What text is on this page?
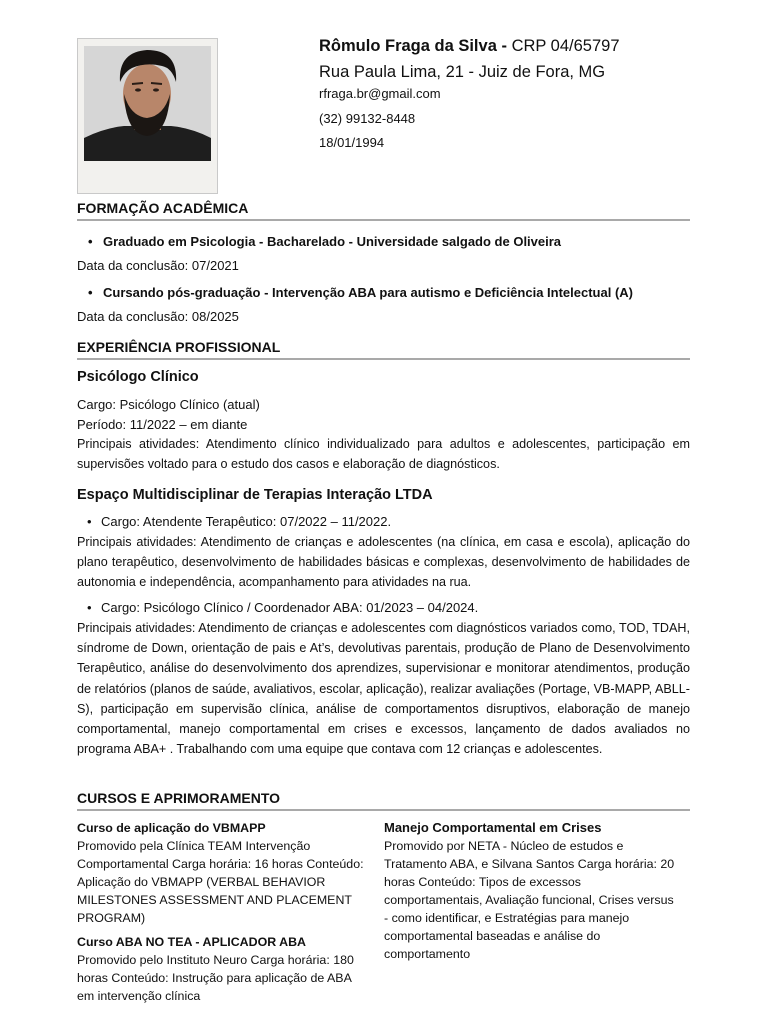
Rômulo Fraga da Silva - CRP 04/65797
Rua Paula Lima, 21 - Juiz de Fora, MG
rfraga.br@gmail.com
(32) 99132-8448
18/01/1994
FORMAÇÃO ACADÊMICA
• Graduado em Psicologia - Bacharelado - Universidade salgado de Oliveira
Data da conclusão: 07/2021
• Cursando pós-graduação - Intervenção ABA para autismo e Deficiência Intelectual (A)
Data da conclusão: 08/2025
EXPERIÊNCIA PROFISSIONAL
Psicólogo Clínico
Cargo: Psicólogo Clínico (atual)
Período: 11/2022 – em diante
Principais atividades: Atendimento clínico individualizado para adultos e adolescentes, participação em supervisões voltado para o estudo dos casos e elaboração de diagnósticos.
Espaço Multidisciplinar de Terapias Interação LTDA
• Cargo: Atendente Terapêutico: 07/2022 – 11/2022.
Principais atividades: Atendimento de crianças e adolescentes (na clínica, em casa e escola), aplicação do plano terapêutico, desenvolvimento de habilidades básicas e complexas, desenvolvimento de habilidades de autonomia e independência, acompanhamento para atividades na rua.
• Cargo: Psicólogo Clínico / Coordenador ABA: 01/2023 – 04/2024.
Principais atividades: Atendimento de crianças e adolescentes com diagnósticos variados como, TOD, TDAH, síndrome de Down, orientação de pais e At’s, devolutivas parentais, produção de Plano de Desenvolvimento Terapêutico, análise do desenvolvimento dos aprendizes, supervisionar e monitorar atendimentos, produção de relatórios (planos de saúde, avaliativos, escolar, aplicação), realizar avaliações (Portage, VB-MAPP, ABLL-S), participação em supervisão clínica, análise de comportamentos disruptivos, elaboração de manejo comportamental, manejo comportamental em crises e excessos, lançamento de dados avaliados no programa ABA+ . Trabalhando com uma equipe que contava com 12 crianças e adolescentes.
CURSOS E APRIMORAMENTO
Curso de aplicação do VBMAPP
Promovido pela Clínica TEAM Intervenção
Comportamental Carga horária: 16 horas Conteúdo:
Aplicação do VBMAPP (VERBAL BEHAVIOR
MILESTONES ASSESSMENT AND PLACEMENT
PROGRAM)
Curso ABA NO TEA - APLICADOR ABA
Promovido pelo Instituto Neuro Carga horária: 180
horas Conteúdo: Instrução para aplicação de ABA
em intervenção clínica
Manejo Comportamental em Crises
Promovido por NETA - Núcleo de estudos e
Tratamento ABA, e Silvana Santos Carga horária: 20
horas Conteúdo: Tipos de excessos
comportamentais, Avaliação funcional, Crises versus
- como identificar, e Estratégias para manejo
comportamental baseadas e análise do
comportamento
